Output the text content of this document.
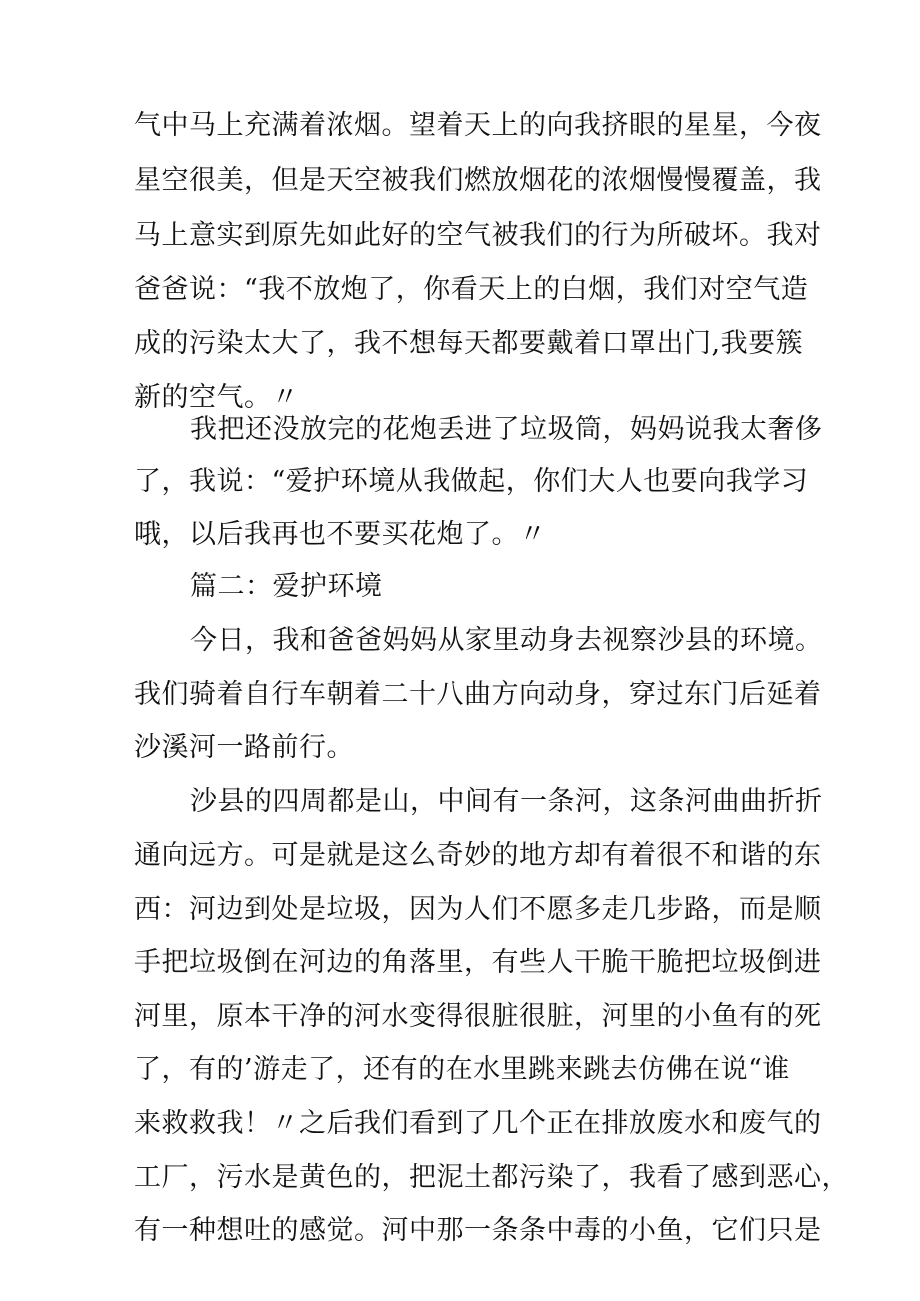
气中马上充满着浓烟。望着天上的向我挤眼的星星，今夜
星空很美，但是天空被我们燃放烟花的浓烟慢慢覆盖，我
马上意实到原先如此好的空气被我们的行为所破坏。我对
爸爸说：“我不放炮了，你看天上的白烟，我们对空气造
成的污染太大了，我不想每天都要戴着口罩出门,我要簇
新的空气。〃
我把还没放完的花炮丢进了垃圾筒，妈妈说我太奢侈
了，我说：“爱护环境从我做起，你们大人也要向我学习
哦，以后我再也不要买花炮了。〃
篇二：爱护环境
今日，我和爸爸妈妈从家里动身去视察沙县的环境。
我们骑着自行车朝着二十八曲方向动身，穿过东门后延着
沙溪河一路前行。
沙县的四周都是山，中间有一条河，这条河曲曲折折
通向远方。可是就是这么奇妙的地方却有着很不和谐的东
西：河边到处是垃圾，因为人们不愿多走几步路，而是顺
手把垃圾倒在河边的角落里，有些人干脆干脆把垃圾倒进
河里，原本干净的河水变得很脏很脏，河里的小鱼有的死
了，有的’游走了，还有的在水里跳来跳去仿佛在说“谁
来救救我！〃之后我们看到了几个正在排放废水和废气的
工厂，污水是黄色的，把泥土都污染了，我看了感到恶心，
有一种想吐的感觉。河中那一条条中毒的小鱼，它们只是
